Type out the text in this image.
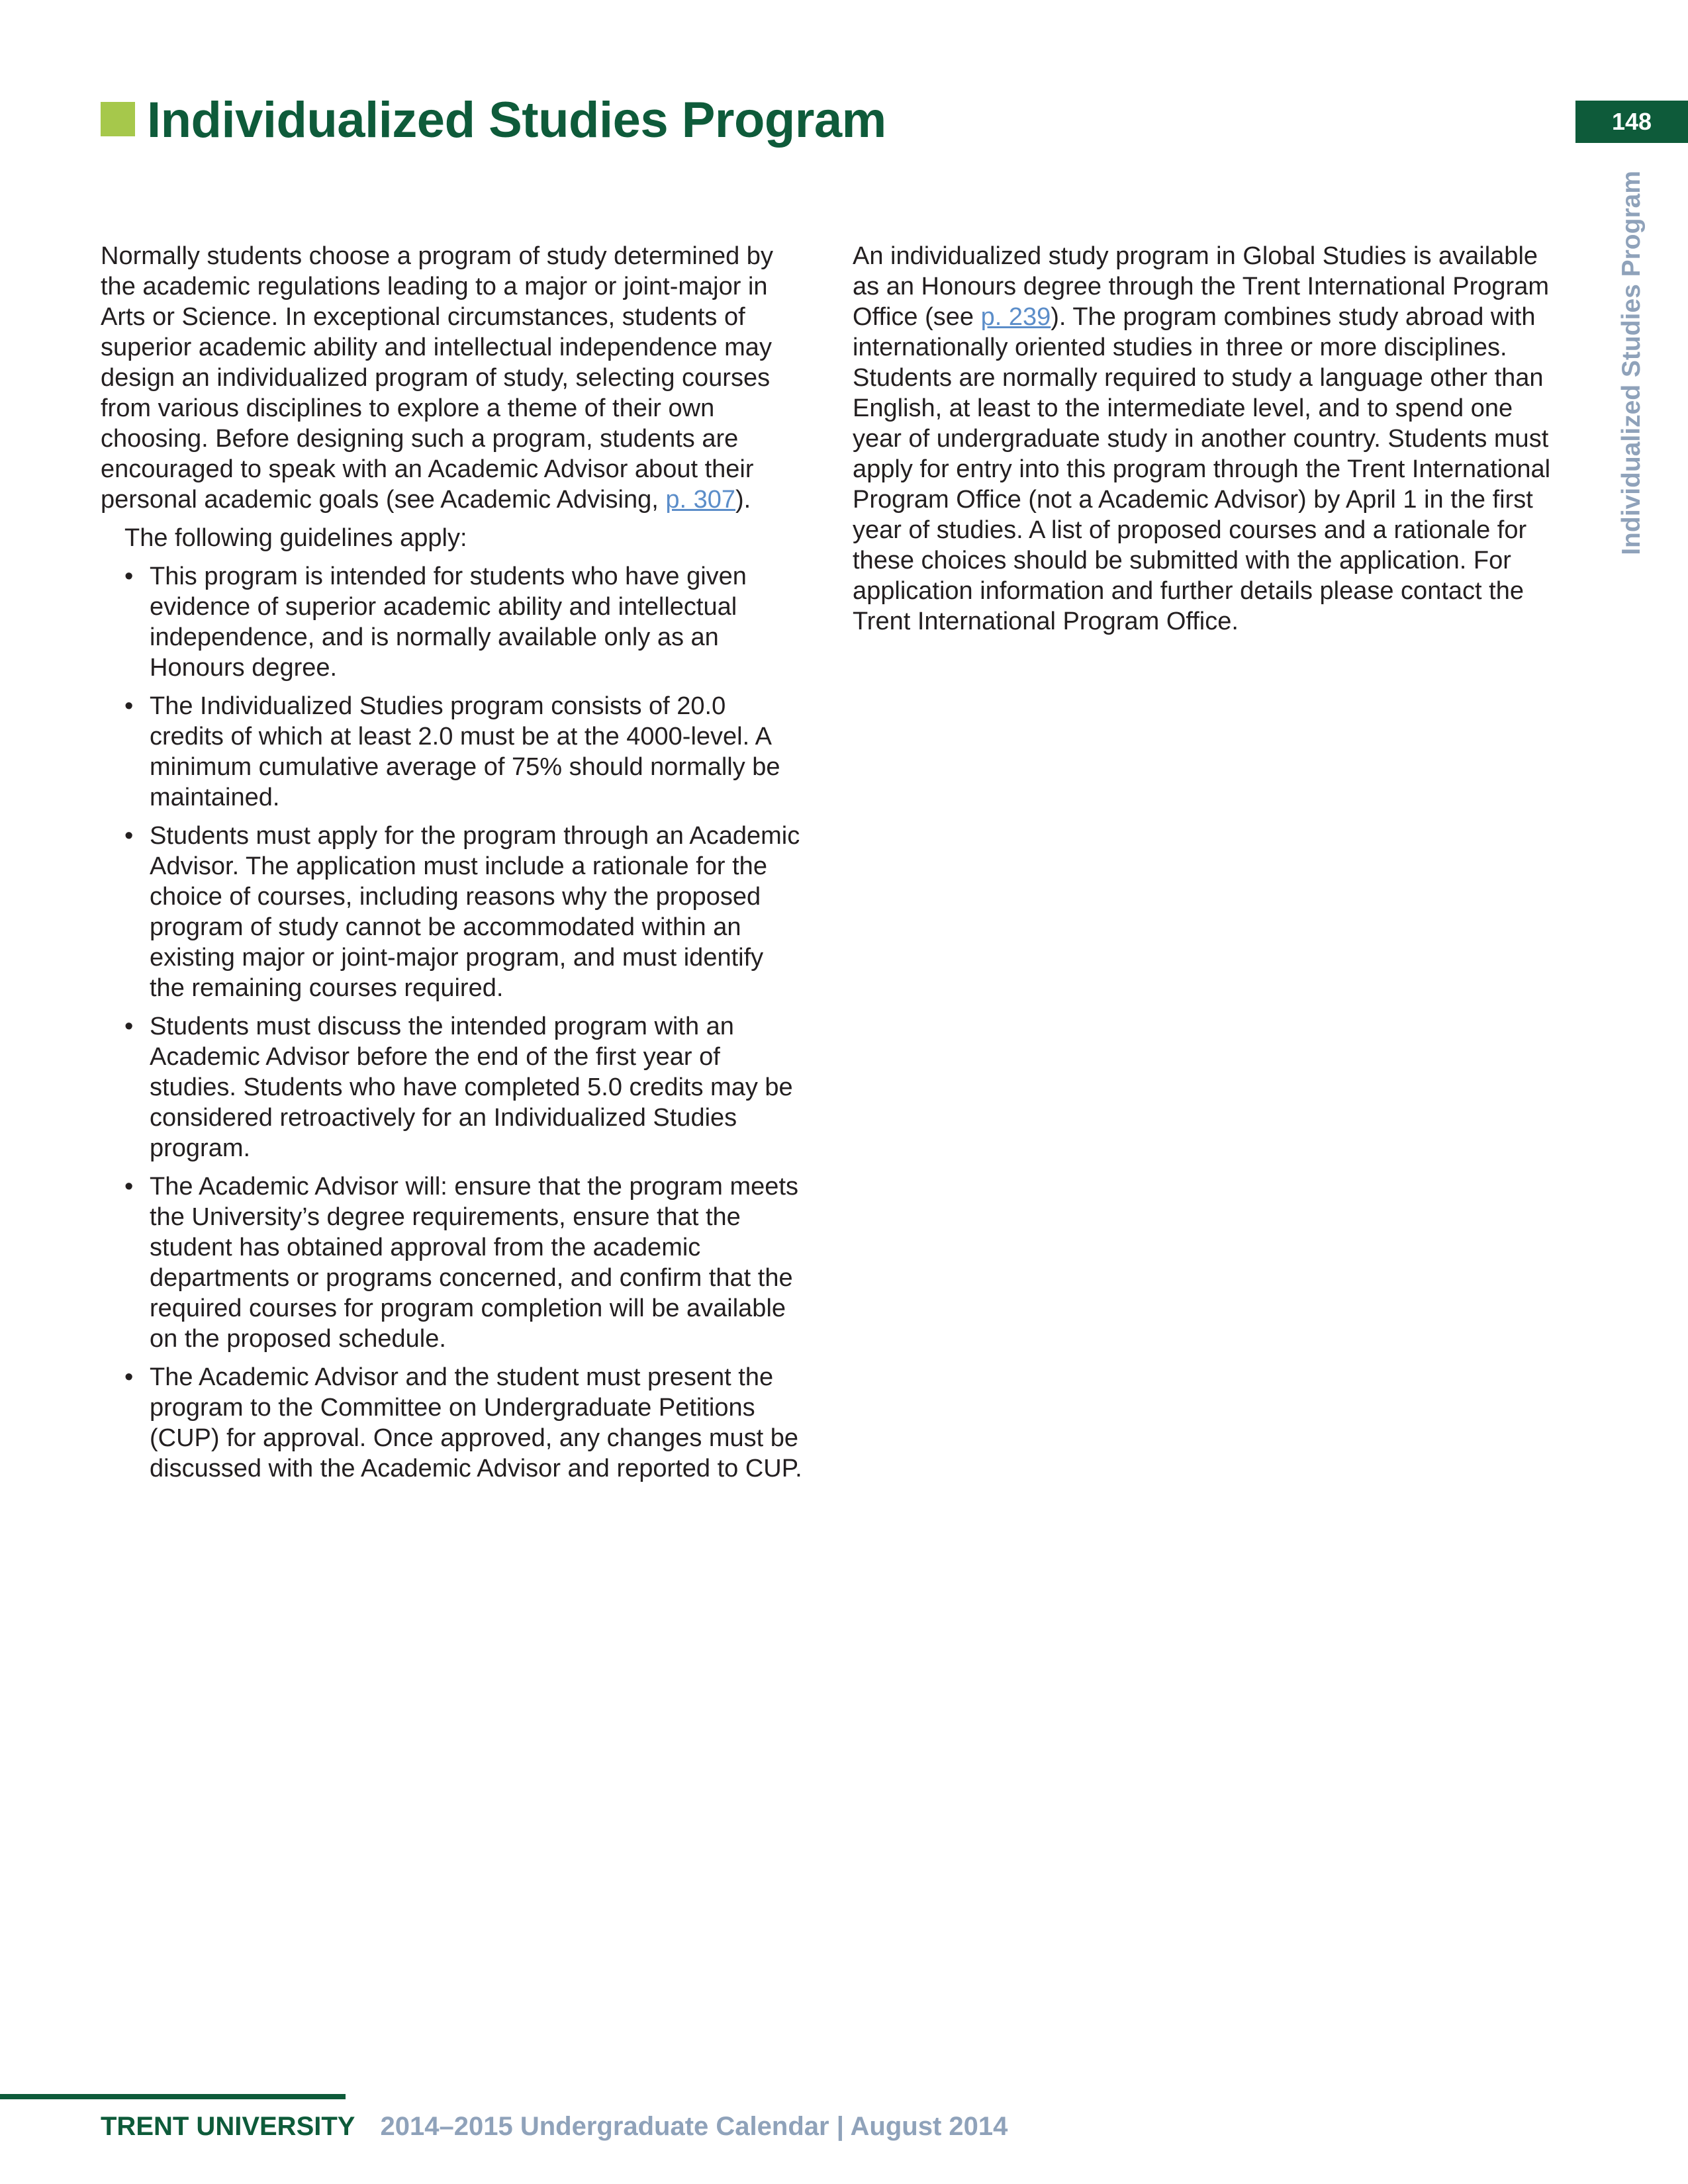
Individualized Studies Program	148
Individualized Studies Program

Normally students choose a program of study determined by the academic regulations leading to a major or joint-major in Arts or Science. In exceptional circumstances, students of superior academic ability and intellectual independence may design an individualized program of study, selecting courses from various disciplines to explore a theme of their own choosing. Before designing such a program, students are encouraged to speak with an Academic Advisor about their personal academic goals (see Academic Advising, p. 307).

The following guidelines apply:

• This program is intended for students who have given evidence of superior academic ability and intellectual independence, and is normally available only as an Honours degree.
• The Individualized Studies program consists of 20.0 credits of which at least 2.0 must be at the 4000-level. A minimum cumulative average of 75% should normally be maintained.
• Students must apply for the program through an Academic Advisor. The application must include a rationale for the choice of courses, including reasons why the proposed program of study cannot be accommodated within an existing major or joint-major program, and must identify the remaining courses required.
• Students must discuss the intended program with an Academic Advisor before the end of the first year of studies. Students who have completed 5.0 credits may be considered retroactively for an Individualized Studies program.
• The Academic Advisor will: ensure that the program meets the University’s degree requirements, ensure that the student has obtained approval from the academic departments or programs concerned, and confirm that the required courses for program completion will be available on the proposed schedule.
• The Academic Advisor and the student must present the program to the Committee on Undergraduate Petitions (CUP) for approval. Once approved, any changes must be discussed with the Academic Advisor and reported to CUP.

An individualized study program in Global Studies is available as an Honours degree through the Trent International Program Office (see p. 239). The program combines study abroad with internationally oriented studies in three or more disciplines. Students are normally required to study a language other than English, at least to the intermediate level, and to spend one year of undergraduate study in another country. Students must apply for entry into this program through the Trent International Program Office (not a Academic Advisor) by April 1 in the first year of studies. A list of proposed courses and a rationale for these choices should be submitted with the application. For application information and further details please contact the Trent International Program Office.

TRENT UNIVERSITY 2014–2015 Undergraduate Calendar | August 2014
